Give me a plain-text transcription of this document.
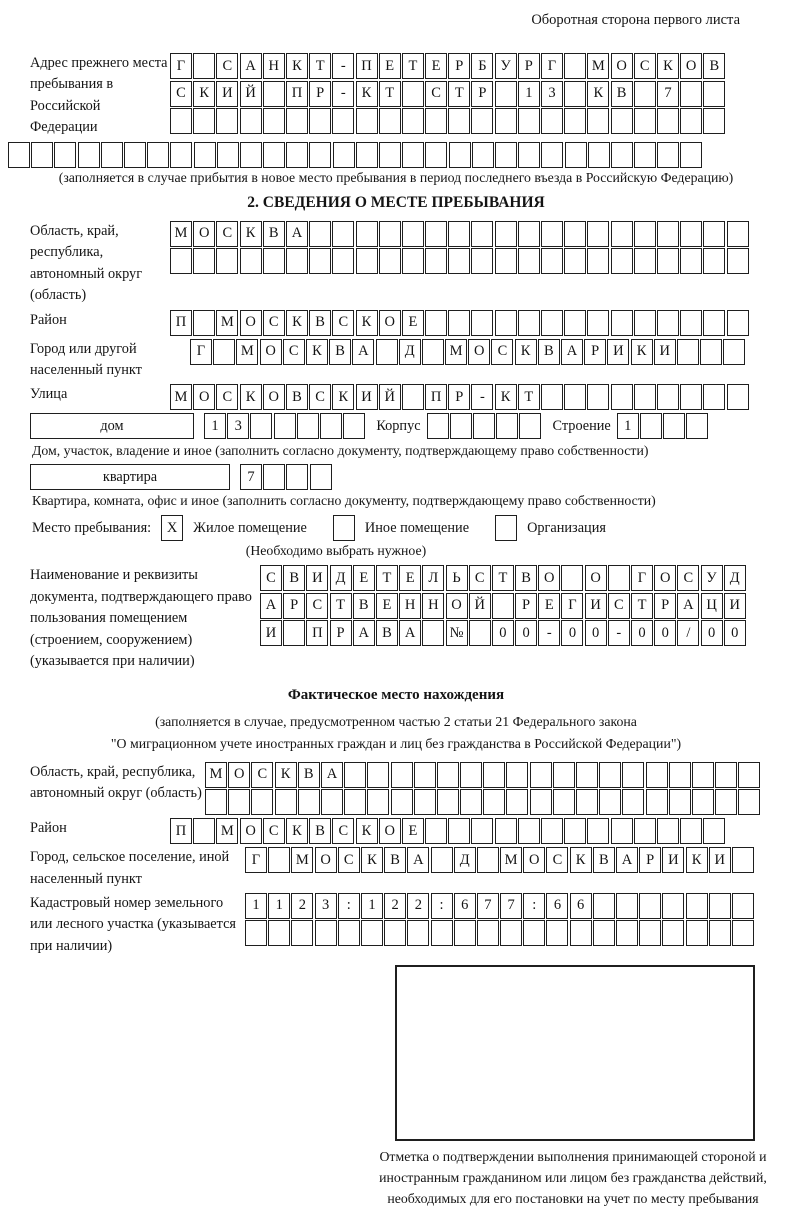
Оборотная сторона первого листа
Адрес прежнего места пребывания в Российской Федерации
Г	С А Н К Т	-	П Е Т Е	Р	Б У Р	Г	М О С К О В
С К И Й	П Р	-	К Т	С Т	Р	1	3	К В	7
(заполняется в случае прибытия в новое место пребывания в период последнего въезда в Российскую Федерацию)
2. СВЕДЕНИЯ О МЕСТЕ ПРЕБЫВАНИЯ
Область, край, республика, автономный округ (область)
М О С К В А
Район	П	М О С К В С К О Е
Город или другой населенный пункт
Г	М О С К В А	Д	М О С К В А Р И К И
Улица	М О С К О В С К И Й	П Р	-	К Т
дом	1	3	Корпус	Строение 1
Дом, участок, владение и иное (заполнить согласно документу, подтверждающему право собственности)
квартира	7
Квартира, комната, офис и иное (заполнить согласно документу, подтверждающему право собственности)
Место пребывания:	X	Жилое помещение	Иное помещение	Организация
(Необходимо выбрать нужное)
Наименование и реквизиты документа, подтверждающего право пользования помещением (строением, сооружением) (указывается при наличии)
С В И Д Е Т Е Л Ь С Т В О	О	Г О С У Д
А Р С Т В Е Н Н О Й	Р	Е	Г И С Т	Р А Ц И
И	П Р А В А	№	0	0	-	0	0	-	0	0	/	0	0
Фактическое место нахождения
(заполняется в случае, предусмотренном частью 2 статьи 21 Федерального закона
"О миграционном учете иностранных граждан и лиц без гражданства в Российской Федерации")
Область, край, республика, автономный округ (область)
М О С К В А
Район	П	М О С К В С К О Е
Город, сельское поселение, иной населенный пункт
Г	М О С К В А	Д	М О С К В А Р И К И
Кадастровый номер земельного или лесного участка (указывается при наличии)
1	1	2	3	:	1	2	2	:	6	7	7	:	6	6
Отметка о подтверждении выполнения принимающей стороной и иностранным гражданином или лицом без гражданства действий, необходимых для его постановки на учет по месту пребывания
